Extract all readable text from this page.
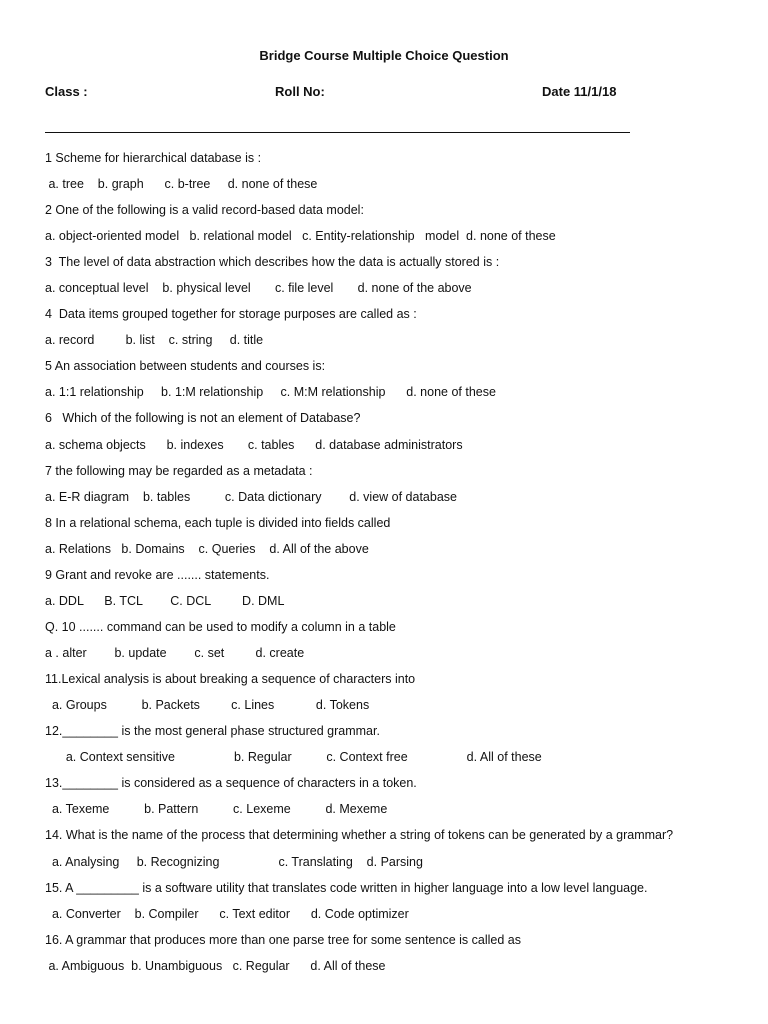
Bridge Course Multiple Choice Question
Class :	Roll No:	Date 11/1/18
1 Scheme for hierarchical database is :
a. tree    b. graph      c. b-tree     d. none of these
2 One of the following is a valid record-based data model:
a. object-oriented model   b. relational model   c. Entity-relationship   model  d. none of these
3  The level of data abstraction which describes how the data is actually stored is :
a. conceptual level    b. physical level       c. file level       d. none of the above
4  Data items grouped together for storage purposes are called as :
a. record         b. list    c. string     d. title
5 An association between students and courses is:
a. 1:1 relationship     b. 1:M relationship     c. M:M relationship      d. none of these
6   Which of the following is not an element of Database?
a. schema objects      b. indexes       c. tables      d. database administrators
7 the following may be regarded as a metadata :
a. E-R diagram    b. tables          c. Data dictionary        d. view of database
8 In a relational schema, each tuple is divided into fields called
a. Relations   b. Domains    c. Queries    d. All of the above
9 Grant and revoke are ....... statements.
a. DDL      B. TCL        C. DCL         D. DML
Q. 10 ....... command can be used to modify a column in a table
a . alter        b. update        c. set         d. create
11.Lexical analysis is about breaking a sequence of characters into
a. Groups          b. Packets         c. Lines            d. Tokens
12.________ is the most general phase structured grammar.
a. Context sensitive                 b. Regular          c. Context free                 d. All of these
13.________ is considered as a sequence of characters in a token.
a. Texeme          b. Pattern          c. Lexeme          d. Mexeme
14. What is the name of the process that determining whether a string of tokens can be generated by a grammar?
a. Analysing     b. Recognizing                 c. Translating    d. Parsing
15. A _________ is a software utility that translates code written in higher language into a low level language.
a. Converter    b. Compiler      c. Text editor      d. Code optimizer
16. A grammar that produces more than one parse tree for some sentence is called as
a. Ambiguous  b. Unambiguous   c. Regular      d. All of these
